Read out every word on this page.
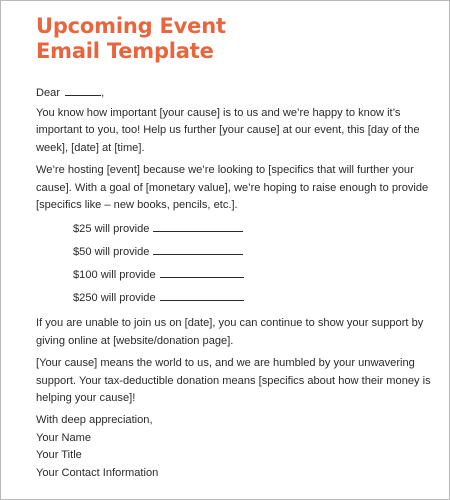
Upcoming Event
Email Template

Dear	,

You know how important [your cause] is to us and we’re happy to know it’s important to you, too! Help us further [your cause] at our event, this [day of the week], [date] at [time].

We’re hosting [event] because we’re looking to [specifics that will further your cause]. With a goal of [monetary value], we’re hoping to raise enough to provide [specifics like – new books, pencils, etc.].

$25 will provide
$50 will provide
$100 will provide
$250 will provide

If you are unable to join us on [date], you can continue to show your support by giving online at [website/donation page].

[Your cause] means the world to us, and we are humbled by your unwavering support. Your tax-deductible donation means [specifics about how their money is helping your cause]!

With deep appreciation,
Your Name
Your Title
Your Contact Information
